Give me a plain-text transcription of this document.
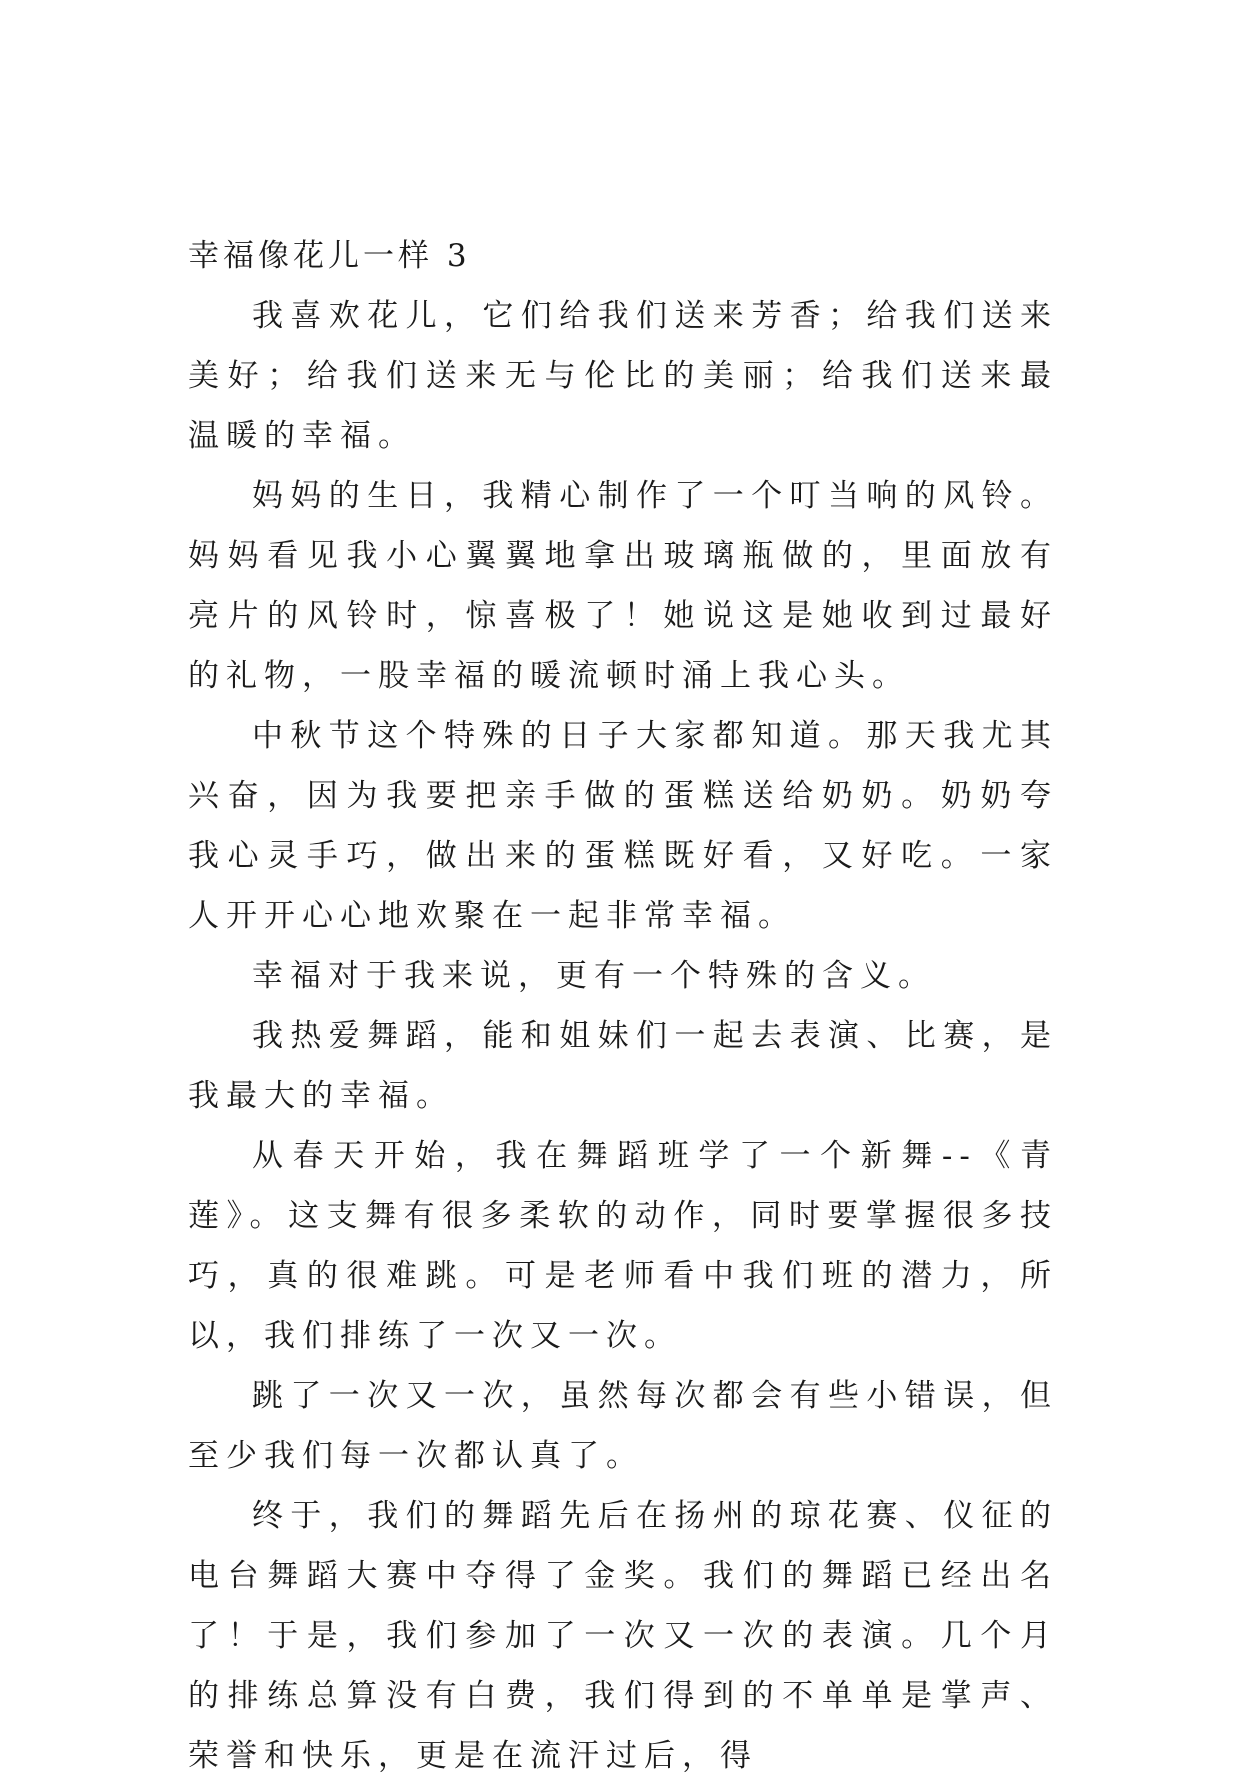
幸福像花儿一样 3

我喜欢花儿，它们给我们送来芳香；给我们送来美好；给我们送来无与伦比的美丽；给我们送来最温暖的幸福。

妈妈的生日，我精心制作了一个叮当响的风铃。妈妈看见我小心翼翼地拿出玻璃瓶做的，里面放有亮片的风铃时，惊喜极了！她说这是她收到过最好的礼物，一股幸福的暖流顿时涌上我心头。

中秋节这个特殊的日子大家都知道。那天我尤其兴奋，因为我要把亲手做的蛋糕送给奶奶。奶奶夸我心灵手巧，做出来的蛋糕既好看，又好吃。一家人开开心心地欢聚在一起非常幸福。

幸福对于我来说，更有一个特殊的含义。

我热爱舞蹈，能和姐妹们一起去表演、比赛，是我最大的幸福。

从春天开始，我在舞蹈班学了一个新舞--《青莲》。这支舞有很多柔软的动作，同时要掌握很多技巧，真的很难跳。可是老师看中我们班的潜力，所以，我们排练了一次又一次。

跳了一次又一次，虽然每次都会有些小错误，但至少我们每一次都认真了。

终于，我们的舞蹈先后在扬州的琼花赛、仪征的电台舞蹈大赛中夺得了金奖。我们的舞蹈已经出名了！于是，我们参加了一次又一次的表演。几个月的排练总算没有白费，我们得到的不单单是掌声、荣誉和快乐，更是在流汗过后，得
